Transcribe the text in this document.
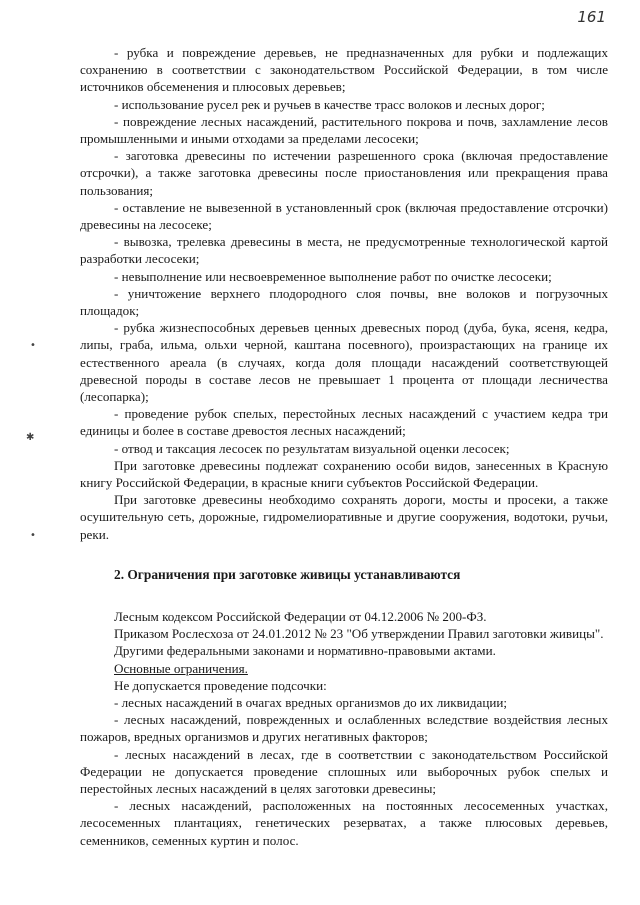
161
•
✱
•

- рубка и повреждение деревьев, не предназначенных для рубки и подлежащих сохранению в соответствии с законодательством Российской Федерации, в том числе источников обсеменения и плюсовых деревьев;

- использование русел рек и ручьев в качестве трасс волоков и лесных дорог;

- повреждение лесных насаждений, растительного покрова и почв, захламление лесов промышленными и иными отходами за пределами лесосеки;

- заготовка древесины по истечении разрешенного срока (включая предоставление отсрочки), а также заготовка древесины после приостановления или прекращения права пользования;

- оставление не вывезенной в установленный срок (включая предоставление отсрочки) древесины на лесосеке;

- вывозка, трелевка древесины в места, не предусмотренные технологической картой разработки лесосеки;

- невыполнение или несвоевременное выполнение работ по очистке лесосеки;

- уничтожение верхнего плодородного слоя почвы, вне волоков и погрузочных площадок;

- рубка жизнеспособных деревьев ценных древесных пород (дуба, бука, ясеня, кедра, липы, граба, ильма, ольхи черной, каштана посевного), произрастающих на границе их естественного ареала (в случаях, когда доля площади насаждений соответствующей древесной породы в составе лесов не превышает 1 процента от площади лесничества (лесопарка);

- проведение рубок спелых, перестойных лесных насаждений с участием кедра три единицы и более в составе древостоя лесных насаждений;

- отвод и таксация лесосек по результатам визуальной оценки лесосек;

При заготовке древесины подлежат сохранению особи видов, занесенных в Красную книгу Российской Федерации, в красные книги субъектов Российской Федерации.

При заготовке древесины необходимо сохранять дороги, мосты и просеки, а также осушительную сеть, дорожные, гидромелиоративные и другие сооружения, водотоки, ручьи, реки.

2. Ограничения при заготовке живицы устанавливаются

Лесным кодексом Российской Федерации от 04.12.2006 № 200-ФЗ.

Приказом Рослесхоза от 24.01.2012 № 23 "Об утверждении Правил заготовки живицы".

Другими федеральными законами и нормативно-правовыми актами.

Основные ограничения.

Не допускается проведение подсочки:

- лесных насаждений в очагах вредных организмов до их ликвидации;

- лесных насаждений, поврежденных и ослабленных вследствие воздействия лесных пожаров, вредных организмов и других негативных факторов;

- лесных насаждений в лесах, где в соответствии с законодательством Российской Федерации не допускается проведение сплошных или выборочных рубок спелых и перестойных лесных насаждений в целях заготовки древесины;

- лесных насаждений, расположенных на постоянных лесосеменных участках, лесосеменных плантациях, генетических резерватах, а также плюсовых деревьев, семенников, семенных куртин и полос.
